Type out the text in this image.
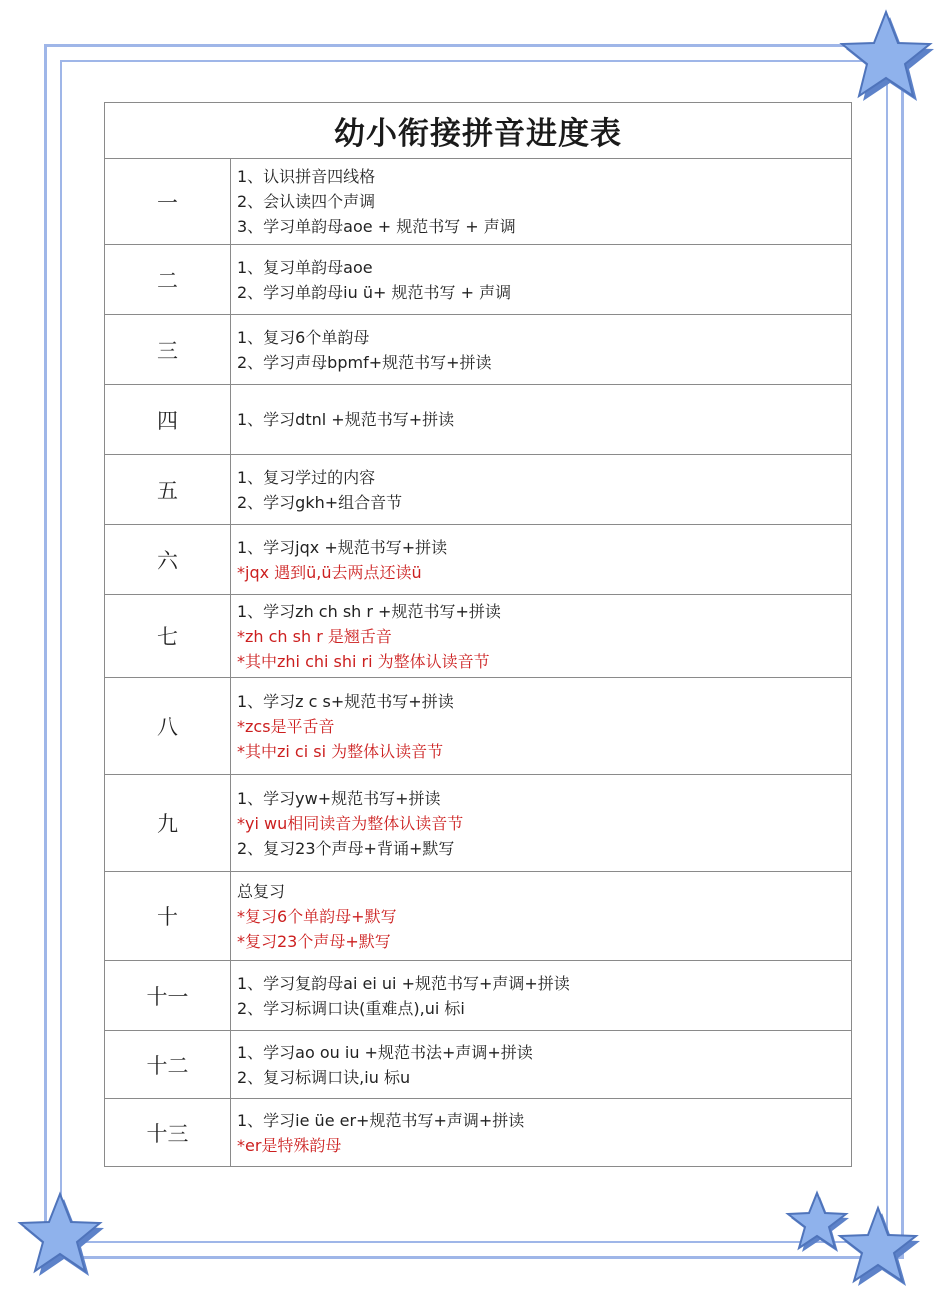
幼小衔接拼音进度表	
一	1、认识拼音四线格
2、会认读四个声调
3、学习单韵母aoe + 规范书写 + 声调

二	1、复习单韵母aoe
2、学习单韵母iu ü+ 规范书写 + 声调

三	1、复习6个单韵母
2、学习声母bpmf+规范书写+拼读

四	1、学习dtnl +规范书写+拼读

五	1、复习学过的内容
2、学习gkh+组合音节

六	1、学习jqx +规范书写+拼读
*jqx 遇到ü,ü去两点还读ü

七	1、学习zh ch sh r +规范书写+拼读
*zh ch sh r 是翘舌音
*其中zhi chi shi ri 为整体认读音节

八	1、学习z c s+规范书写+拼读
*zcs是平舌音
*其中zi ci si 为整体认读音节

九	1、学习yw+规范书写+拼读
*yi wu相同读音为整体认读音节
2、复习23个声母+背诵+默写

十	总复习
*复习6个单韵母+默写
*复习23个声母+默写

十一	1、学习复韵母ai ei ui +规范书写+声调+拼读
2、学习标调口诀(重难点),ui 标i

十二	1、学习ao ou iu +规范书法+声调+拼读
2、复习标调口诀,iu 标u

十三	1、学习ie üe er+规范书写+声调+拼读
*er是特殊韵母
